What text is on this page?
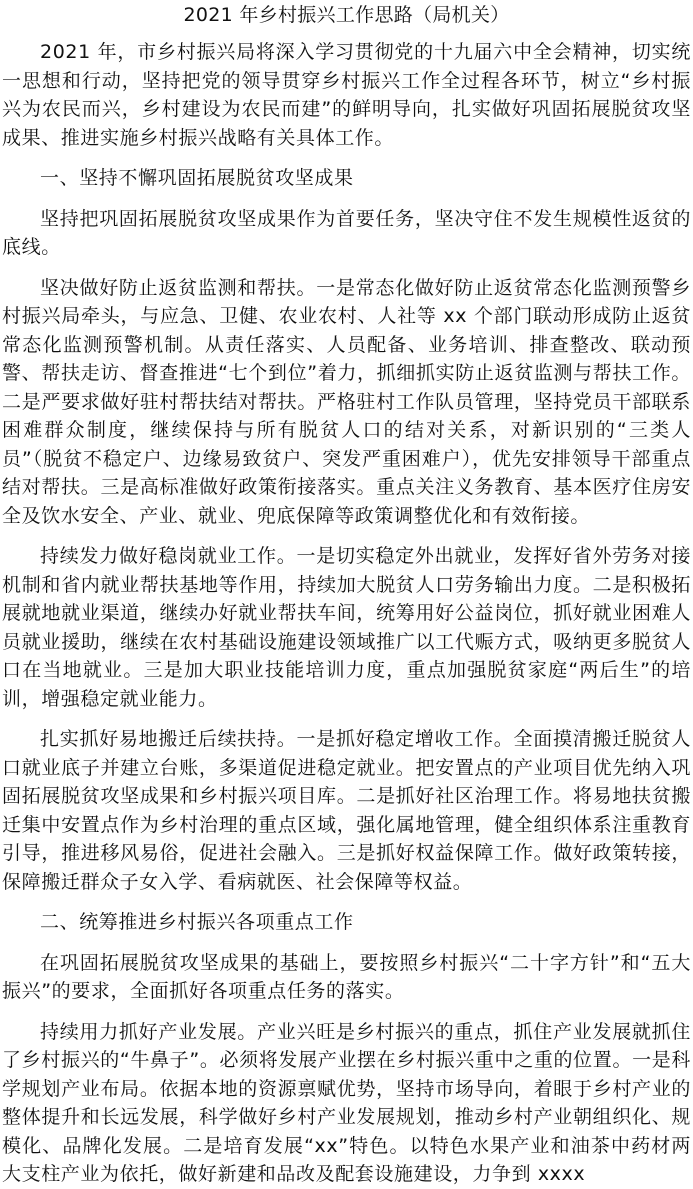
2021 年乡村振兴工作思路（局机关）

2021 年，市乡村振兴局将深入学习贯彻党的十九届六中全会精神，切实统一思想和行动，坚持把党的领导贯穿乡村振兴工作全过程各环节，树立“乡村振兴为农民而兴，乡村建设为农民而建”的鲜明导向，扎实做好巩固拓展脱贫攻坚成果、推进实施乡村振兴战略有关具体工作。

一、坚持不懈巩固拓展脱贫攻坚成果

坚持把巩固拓展脱贫攻坚成果作为首要任务，坚决守住不发生规模性返贫的底线。

坚决做好防止返贫监测和帮扶。一是常态化做好防止返贫常态化监测预警乡村振兴局牵头，与应急、卫健、农业农村、人社等 xx 个部门联动形成防止返贫常态化监测预警机制。从责任落实、人员配备、业务培训、排查整改、联动预警、帮扶走访、督查推进“七个到位”着力，抓细抓实防止返贫监测与帮扶工作。二是严要求做好驻村帮扶结对帮扶。严格驻村工作队员管理，坚持党员干部联系困难群众制度，继续保持与所有脱贫人口的结对关系，对新识别的“三类人员”（脱贫不稳定户、边缘易致贫户、突发严重困难户），优先安排领导干部重点结对帮扶。三是高标准做好政策衔接落实。重点关注义务教育、基本医疗住房安全及饮水安全、产业、就业、兜底保障等政策调整优化和有效衔接。

持续发力做好稳岗就业工作。一是切实稳定外出就业，发挥好省外劳务对接机制和省内就业帮扶基地等作用，持续加大脱贫人口劳务输出力度。二是积极拓展就地就业渠道，继续办好就业帮扶车间，统筹用好公益岗位，抓好就业困难人员就业援助，继续在农村基础设施建设领域推广以工代赈方式，吸纳更多脱贫人口在当地就业。三是加大职业技能培训力度，重点加强脱贫家庭“两后生”的培训，增强稳定就业能力。

扎实抓好易地搬迁后续扶持。一是抓好稳定增收工作。全面摸清搬迁脱贫人口就业底子并建立台账，多渠道促进稳定就业。把安置点的产业项目优先纳入巩固拓展脱贫攻坚成果和乡村振兴项目库。二是抓好社区治理工作。将易地扶贫搬迁集中安置点作为乡村治理的重点区域，强化属地管理，健全组织体系注重教育引导，推进移风易俗，促进社会融入。三是抓好权益保障工作。做好政策转接，保障搬迁群众子女入学、看病就医、社会保障等权益。

二、统筹推进乡村振兴各项重点工作

在巩固拓展脱贫攻坚成果的基础上，要按照乡村振兴“二十字方针”和“五大振兴”的要求，全面抓好各项重点任务的落实。

持续用力抓好产业发展。产业兴旺是乡村振兴的重点，抓住产业发展就抓住了乡村振兴的“牛鼻子”。必须将发展产业摆在乡村振兴重中之重的位置。一是科学规划产业布局。依据本地的资源禀赋优势，坚持市场导向，着眼于乡村产业的整体提升和长远发展，科学做好乡村产业发展规划，推动乡村产业朝组织化、规模化、品牌化发展。二是培育发展“xx”特色。以特色水果产业和油茶中药材两大支柱产业为依托，做好新建和品改及配套设施建设，力争到 xxxx
